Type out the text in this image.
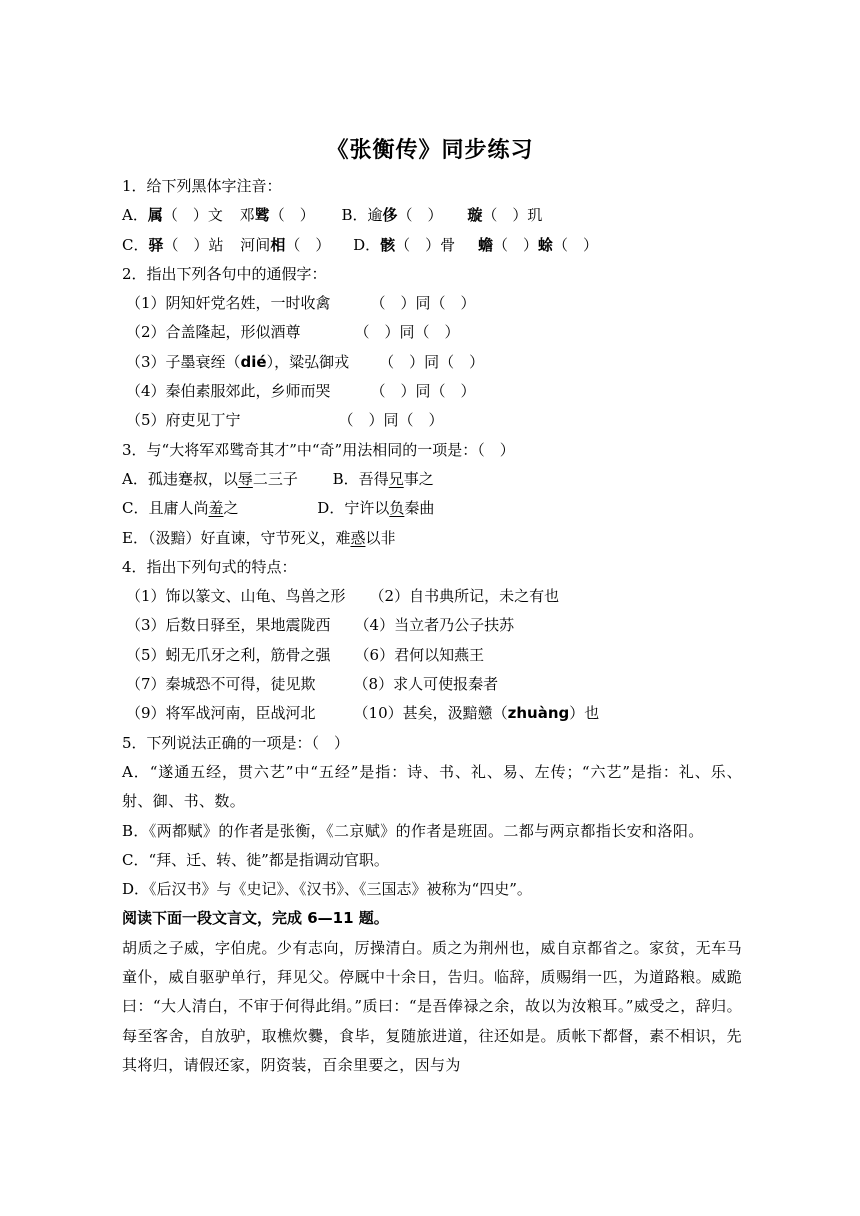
《张衡传》同步练习
1．给下列黑体字注音：
A．属（　）文 邓骘（　） B．逾侈（　） 璇（　）玑
C．驿（　）站 河间相（　） D．骸（　）骨 蟾（　）蜍（　）
2．指出下列各句中的通假字：
（1）阴知奸党名姓，一时收禽	（　）同（　）
（2）合盖隆起，形似酒尊	（　）同（　）
（3）子墨衰绖（dié），粱弘御戎 （　）同（　）
（4）秦伯素服郊此，乡师而哭	（　）同（　）
（5）府吏见丁宁	（　）同（　）
3．与“大将军邓骘奇其才”中“奇”用法相同的一项是：（　）
A．孤违蹇叔，以辱二三子 B．吾得兄事之
C．且庸人尚羞之	D．宁许以负秦曲
E．（汲黯）好直谏，守节死义，难惑以非
4．指出下列句式的特点：
（1）饰以篆文、山龟、鸟兽之形 （2）自书典所记，未之有也
（3）后数日驿至，果地震陇西 （4）当立者乃公子扶苏
（5）蚓无爪牙之利，筋骨之强 （6）君何以知燕王
（7）秦城恐不可得，徒见欺	（8）求人可使报秦者
（9）将军战河南，臣战河北	（10）甚矣，汲黯戆（zhuàng）也
5．下列说法正确的一项是：（　）
A．“遂通五经，贯六艺”中“五经”是指：诗、书、礼、易、左传；“六艺”是指：礼、乐、射、御、书、数。
B．《两都赋》的作者是张衡，《二京赋》的作者是班固。二都与两京都指长安和洛阳。
C．“拜、迁、转、徙”都是指调动官职。
D．《后汉书》与《史记》、《汉书》、《三国志》被称为“四史”。
阅读下面一段文言文，完成 6—11 题。
胡质之子威，字伯虎。少有志向，厉操清白。质之为荆州也，威自京都省之。家贫，无车马童仆，威自驱驴单行，拜见父。停厩中十余日，告归。临辞，质赐绢一匹，为道路粮。威跪曰：“大人清白，不审于何得此绢。”质曰：“是吾俸禄之余，故以为汝粮耳。”威受之，辞归。每至客舍，自放驴，取樵炊爨，食毕，复随旅进道，往还如是。质帐下都督，素不相识，先其将归，请假还家，阴资装，百余里要之，因与为
